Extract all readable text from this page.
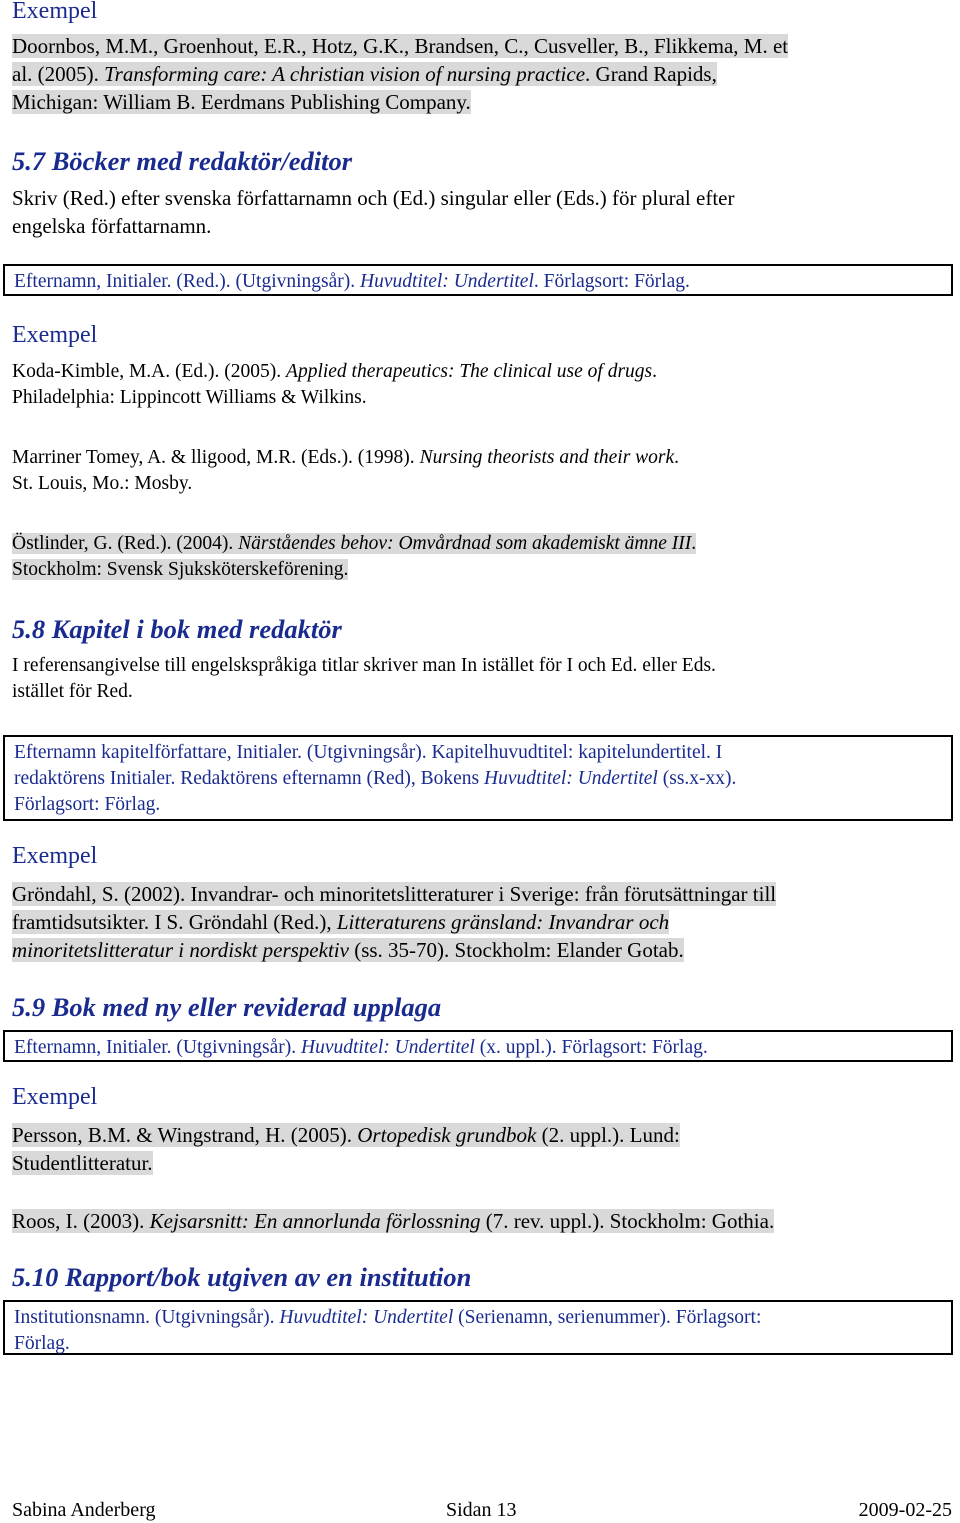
Exempel
Doornbos, M.M., Groenhout, E.R., Hotz, G.K., Brandsen, C., Cusveller, B., Flikkema, M. et
al. (2005). Transforming care: A christian vision of nursing practice. Grand Rapids,
Michigan: William B. Eerdmans Publishing Company.
5.7 Böcker med redaktör/editor
Skriv (Red.) efter svenska författarnamn och (Ed.) singular eller (Eds.) för plural efter
engelska författarnamn.
Efternamn, Initialer. (Red.). (Utgivningsår). Huvudtitel: Undertitel. Förlagsort: Förlag.
Exempel
Koda-Kimble, M.A. (Ed.). (2005). Applied therapeutics: The clinical use of drugs.
Philadelphia: Lippincott Williams & Wilkins.
Marriner Tomey, A. & lligood, M.R. (Eds.). (1998). Nursing theorists and their work.
St. Louis, Mo.: Mosby.
Östlinder, G. (Red.). (2004). Närståendes behov: Omvårdnad som akademiskt ämne III.
Stockholm: Svensk Sjuksköterskeförening.
5.8 Kapitel i bok med redaktör
I referensangivelse till engelskspråkiga titlar skriver man In istället för I och Ed. eller Eds.
istället för Red.
Efternamn kapitelförfattare, Initialer. (Utgivningsår). Kapitelhuvudtitel: kapitelundertitel. I
redaktörens Initialer. Redaktörens efternamn (Red), Bokens Huvudtitel: Undertitel (ss.x-xx).
Förlagsort: Förlag.
Exempel
Gröndahl, S. (2002). Invandrar- och minoritetslitteraturer i Sverige: från förutsättningar till
framtidsutsikter. I S. Gröndahl (Red.), Litteraturens gränsland: Invandrar och
minoritetslitteratur i nordiskt perspektiv (ss. 35-70). Stockholm: Elander Gotab.
5.9 Bok med ny eller reviderad upplaga
Efternamn, Initialer. (Utgivningsår). Huvudtitel: Undertitel (x. uppl.). Förlagsort: Förlag.
Exempel
Persson, B.M. & Wingstrand, H. (2005). Ortopedisk grundbok (2. uppl.). Lund:
Studentlitteratur.
Roos, I. (2003). Kejsarsnitt: En annorlunda förlossning (7. rev. uppl.). Stockholm: Gothia.
5.10 Rapport/bok utgiven av en institution
Institutionsnamn. (Utgivningsår). Huvudtitel: Undertitel (Serienamn, serienummer). Förlagsort:
Förlag.
Sabina Anderberg	Sidan 13	2009-02-25
